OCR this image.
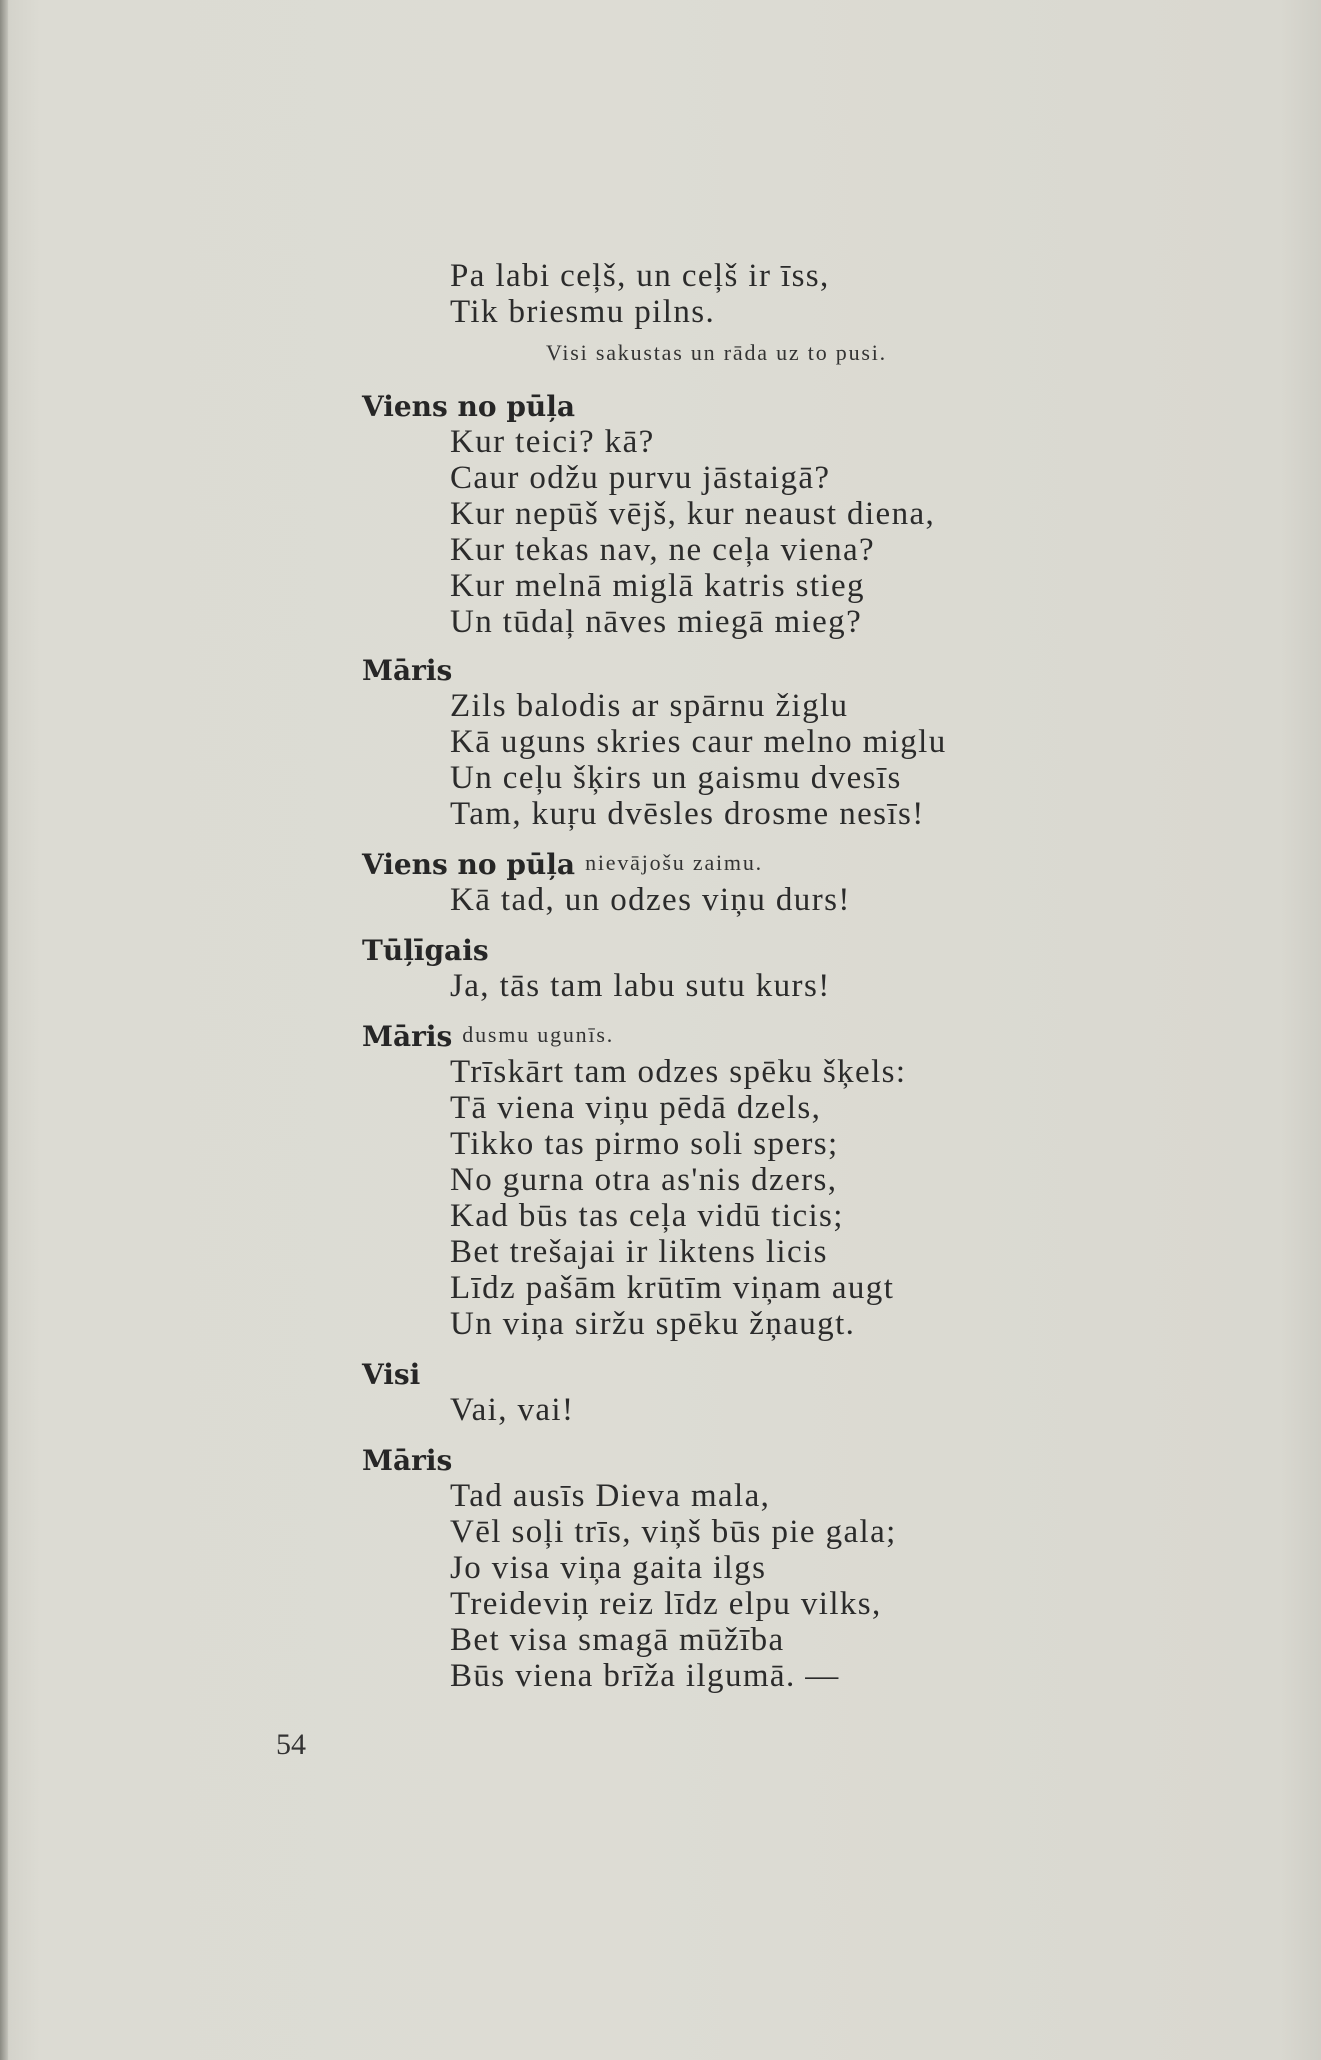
Pa labi ceļš, un ceļš ir īss,
Tik briesmu pilns.
Visi sakustas un rāda uz to pusi.
Viens no pūļa
Kur teici? kā?
Caur odžu purvu jāstaigā?
Kur nepūš vējš, kur neaust diena,
Kur tekas nav, ne ceļa viena?
Kur melnā miglā katris stieg
Un tūdaļ nāves miegā mieg?
Māris
Zils balodis ar spārnu žiglu
Kā uguns skries caur melno miglu
Un ceļu šķirs un gaismu dvesīs
Tam, kuŗu dvēsles drosme nesīs!
Viens no pūļa nievājošu zaimu.
Kā tad, un odzes viņu durs!
Tūļīgais
Ja, tās tam labu sutu kurs!
Māris dusmu ugunīs.
Trīskārt tam odzes spēku šķels:
Tā viena viņu pēdā dzels,
Tikko tas pirmo soli spers;
No gurna otra as'nis dzers,
Kad būs tas ceļa vidū ticis;
Bet trešajai ir liktens licis
Līdz pašām krūtīm viņam augt
Un viņa siržu spēku žņaugt.
Visi
Vai, vai!
Māris
Tad ausīs Dieva mala,
Vēl soļi trīs, viņš būs pie gala;
Jo visa viņa gaita ilgs
Treideviņ reiz līdz elpu vilks,
Bet visa smagā mūžība
Būs viena brīža ilgumā. —
54
